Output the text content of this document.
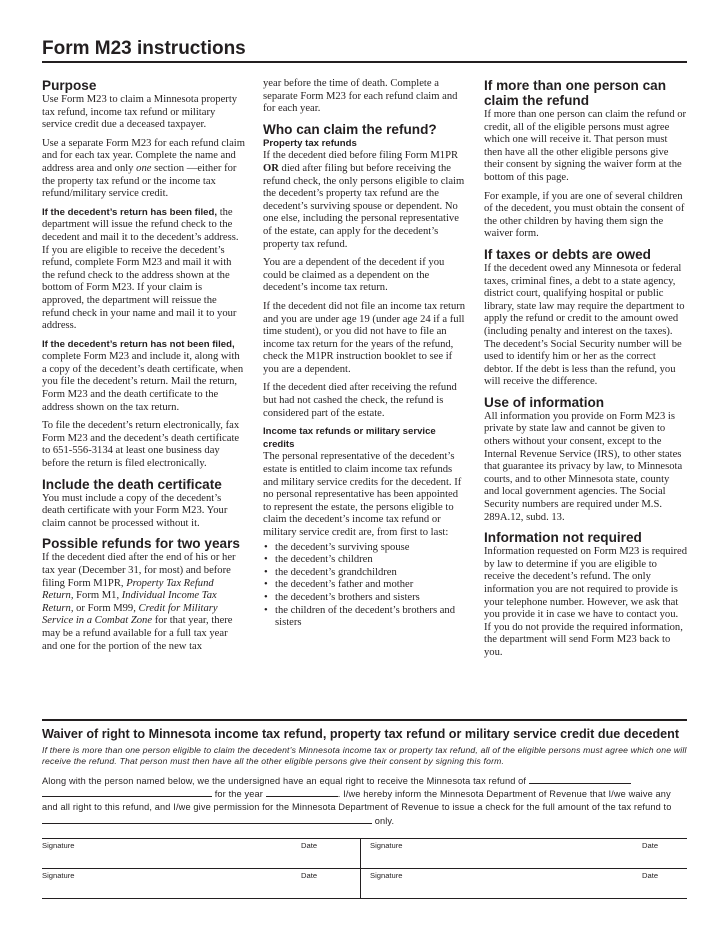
Form M23 instructions
Purpose

Use Form M23 to claim a Minnesota property tax refund, income tax refund or military service credit due a deceased taxpayer.

Use a separate Form M23 for each refund claim and for each tax year. Complete the name and address area and only one section —either for the property tax refund or the income tax refund/military service credit.

If the decedent’s return has been filed, the department will issue the refund check to the decedent and mail it to the decedent’s address. If you are eligible to receive the decedent’s refund, complete Form M23 and mail it with the refund check to the address shown at the bottom of Form M23. If your claim is approved, the department will reissue the refund check in your name and mail it to your address.

If the decedent’s return has not been filed, complete Form M23 and include it, along with a copy of the decedent’s death certificate, when you file the decedent’s return. Mail the return, Form M23 and the death certificate to the address shown on the tax return.

To file the decedent’s return electronically, fax Form M23 and the decedent’s death certificate to 651-556-3134 at least one business day before the return is filed electronically.

Include the death certificate

You must include a copy of the decedent’s death certificate with your Form M23. Your claim cannot be processed without it.

Possible refunds for two years

If the decedent died after the end of his or her tax year (December 31, for most) and before filing Form M1PR, Property Tax Refund Return, Form M1, Individual Income Tax Return, or Form M99, Credit for Military Service in a Combat Zone for that year, there may be a refund available for a full tax year and one for the portion of the new tax

year before the time of death. Complete a separate Form M23 for each refund claim and for each year.

Who can claim the refund?
Property tax refunds

If the decedent died before filing Form M1PR OR died after filing but before receiving the refund check, the only persons eligible to claim the decedent’s property tax refund are the decedent’s surviving spouse or dependent. No one else, including the personal representative of the estate, can apply for the decedent’s property tax refund.

You are a dependent of the decedent if you could be claimed as a dependent on the decedent’s income tax return.

If the decedent did not file an income tax return and you are under age 19 (under age 24 if a full time student), or you did not have to file an income tax return for the years of the refund, check the M1PR instruction booklet to see if you are a dependent.

If the decedent died after receiving the refund but had not cashed the check, the refund is considered part of the estate.

Income tax refunds or military service credits

The personal representative of the decedent’s estate is entitled to claim income tax refunds and military service credits for the decedent. If no personal representative has been appointed to represent the estate, the persons eligible to claim the decedent’s income tax refund or military service credit are, from first to last:

• the decedent’s surviving spouse
• the decedent’s children
• the decedent’s grandchildren
• the decedent’s father and mother
• the decedent’s brothers and sisters
• the children of the decedent’s brothers and sisters
If more than one person can claim the refund

If more than one person can claim the refund or credit, all of the eligible persons must agree which one will receive it. That person must then have all the other eligible persons give their consent by signing the waiver form at the bottom of this page.

For example, if you are one of several children of the decedent, you must obtain the consent of the other children by having them sign the waiver form.

If taxes or debts are owed

If the decedent owed any Minnesota or federal taxes, criminal fines, a debt to a state agency, district court, qualifying hospital or public library, state law may require the department to apply the refund or credit to the amount owed (including penalty and interest on the taxes). The decedent’s Social Security number will be used to identify him or her as the correct debtor. If the debt is less than the refund, you will receive the difference.

Use of information

All information you provide on Form M23 is private by state law and cannot be given to others without your consent, except to the Internal Revenue Service (IRS), to other states that guarantee its privacy by law, to Minnesota courts, and to other Minnesota state, county and local government agencies. The Social Security numbers are required under M.S. 289A.12, subd. 13.

Information not required

Information requested on Form M23 is required by law to determine if you are eligible to receive the decedent’s refund. The only information you are not required to provide is your telephone number. However, we ask that you provide it in case we have to contact you. If you do not provide the required information, the department will send Form M23 back to you.

Waiver of right to Minnesota income tax refund, property tax refund or military service credit due decedent
If there is more than one person eligible to claim the decedent’s Minnesota income tax or property tax refund, all of the eligible persons must agree which one will receive the refund. That person must then have all the other eligible persons give their consent by signing this form.
Along with the person named below, we the undersigned have an equal right to receive the Minnesota tax refund of
for the year	. I/we hereby inform the Minnesota Department of Revenue that I/we waive any and all right to this refund, and I/we give permission for the Minnesota Department of Revenue to issue a check for the full amount of the tax refund to  only.
Signature	Date	Signature	Date
Signature	Date	Signature	Date
